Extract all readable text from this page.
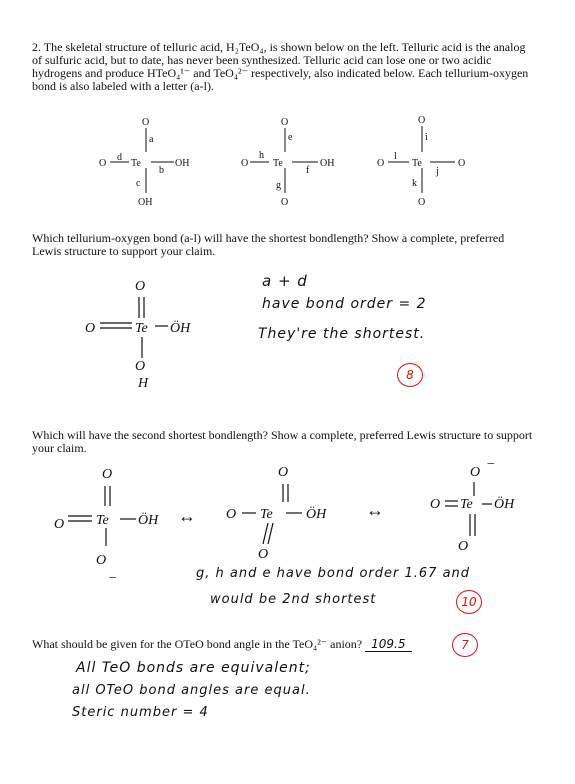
2. The skeletal structure of telluric acid, H₂TeO₄, is shown below on the left. Telluric acid is the analog of sulfuric acid, but to date, has never been synthesized. Telluric acid can lose one or two acidic hydrogens and produce HTeO₄¹⁻ and TeO₄²⁻ respectively, also indicated below. Each tellurium-oxygen bond is also labeled with a letter (a-l).
O
O Te	OH
OH
a
b
c
d
O
O Te	OH
O
e
f
g
h
O
O	Te	O
O
i
j
k
l
Which tellurium-oxygen bond (a-l) will have the shortest bondlength? Show a complete, preferred Lewis structure to support your claim.
O
O	Te ÖH
O
H
a + d
have bond order = 2
They're the shortest.
8
Which will have the second shortest bondlength? Show a complete, preferred Lewis structure to support your claim.
O
O Te ÖH
O
−
↔
O
O Te ÖH
O
↔
O
−
O Te ÖH
O
g, h and e have bond order 1.67 and
would be 2nd shortest	10
What should be given for the OTeO bond angle in the TeO₄²⁻ anion? 109.5	7
All TeO bonds are equivalent;
all OTeO bond angles are equal.
Steric number = 4
